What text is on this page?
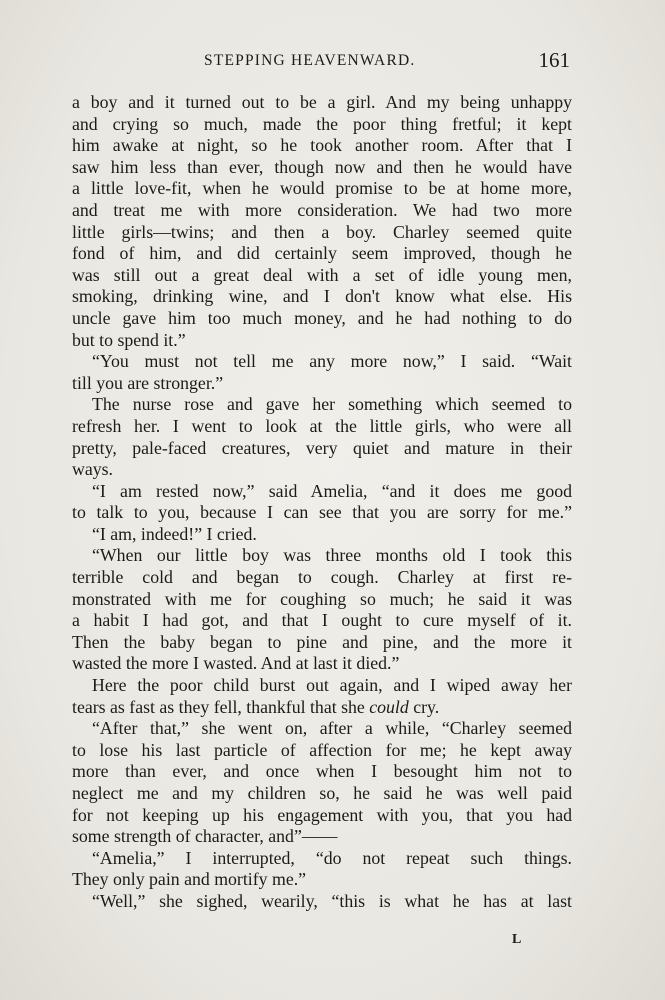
STEPPING HEAVENWARD.	161
a boy and it turned out to be a girl. And my being unhappy
and crying so much, made the poor thing fretful; it kept
him awake at night, so he took another room. After that I
saw him less than ever, though now and then he would have
a little love-fit, when he would promise to be at home more,
and treat me with more consideration. We had two more
little girls—twins; and then a boy. Charley seemed quite
fond of him, and did certainly seem improved, though he
was still out a great deal with a set of idle young men,
smoking, drinking wine, and I don't know what else. His
uncle gave him too much money, and he had nothing to do
but to spend it.”
“You must not tell me any more now,” I said. “Wait
till you are stronger.”
The nurse rose and gave her something which seemed to
refresh her. I went to look at the little girls, who were all
pretty, pale-faced creatures, very quiet and mature in their
ways.
“I am rested now,” said Amelia, “and it does me good
to talk to you, because I can see that you are sorry for me.”
“I am, indeed!” I cried.
“When our little boy was three months old I took this
terrible cold and began to cough. Charley at first re-
monstrated with me for coughing so much; he said it was
a habit I had got, and that I ought to cure myself of it.
Then the baby began to pine and pine, and the more it
wasted the more I wasted. And at last it died.”
Here the poor child burst out again, and I wiped away her
tears as fast as they fell, thankful that she could cry.
“After that,” she went on, after a while, “Charley seemed
to lose his last particle of affection for me; he kept away
more than ever, and once when I besought him not to
neglect me and my children so, he said he was well paid
for not keeping up his engagement with you, that you had
some strength of character, and”——
“Amelia,” I interrupted, “do not repeat such things.
They only pain and mortify me.”
“Well,” she sighed, wearily, “this is what he has at last
L
